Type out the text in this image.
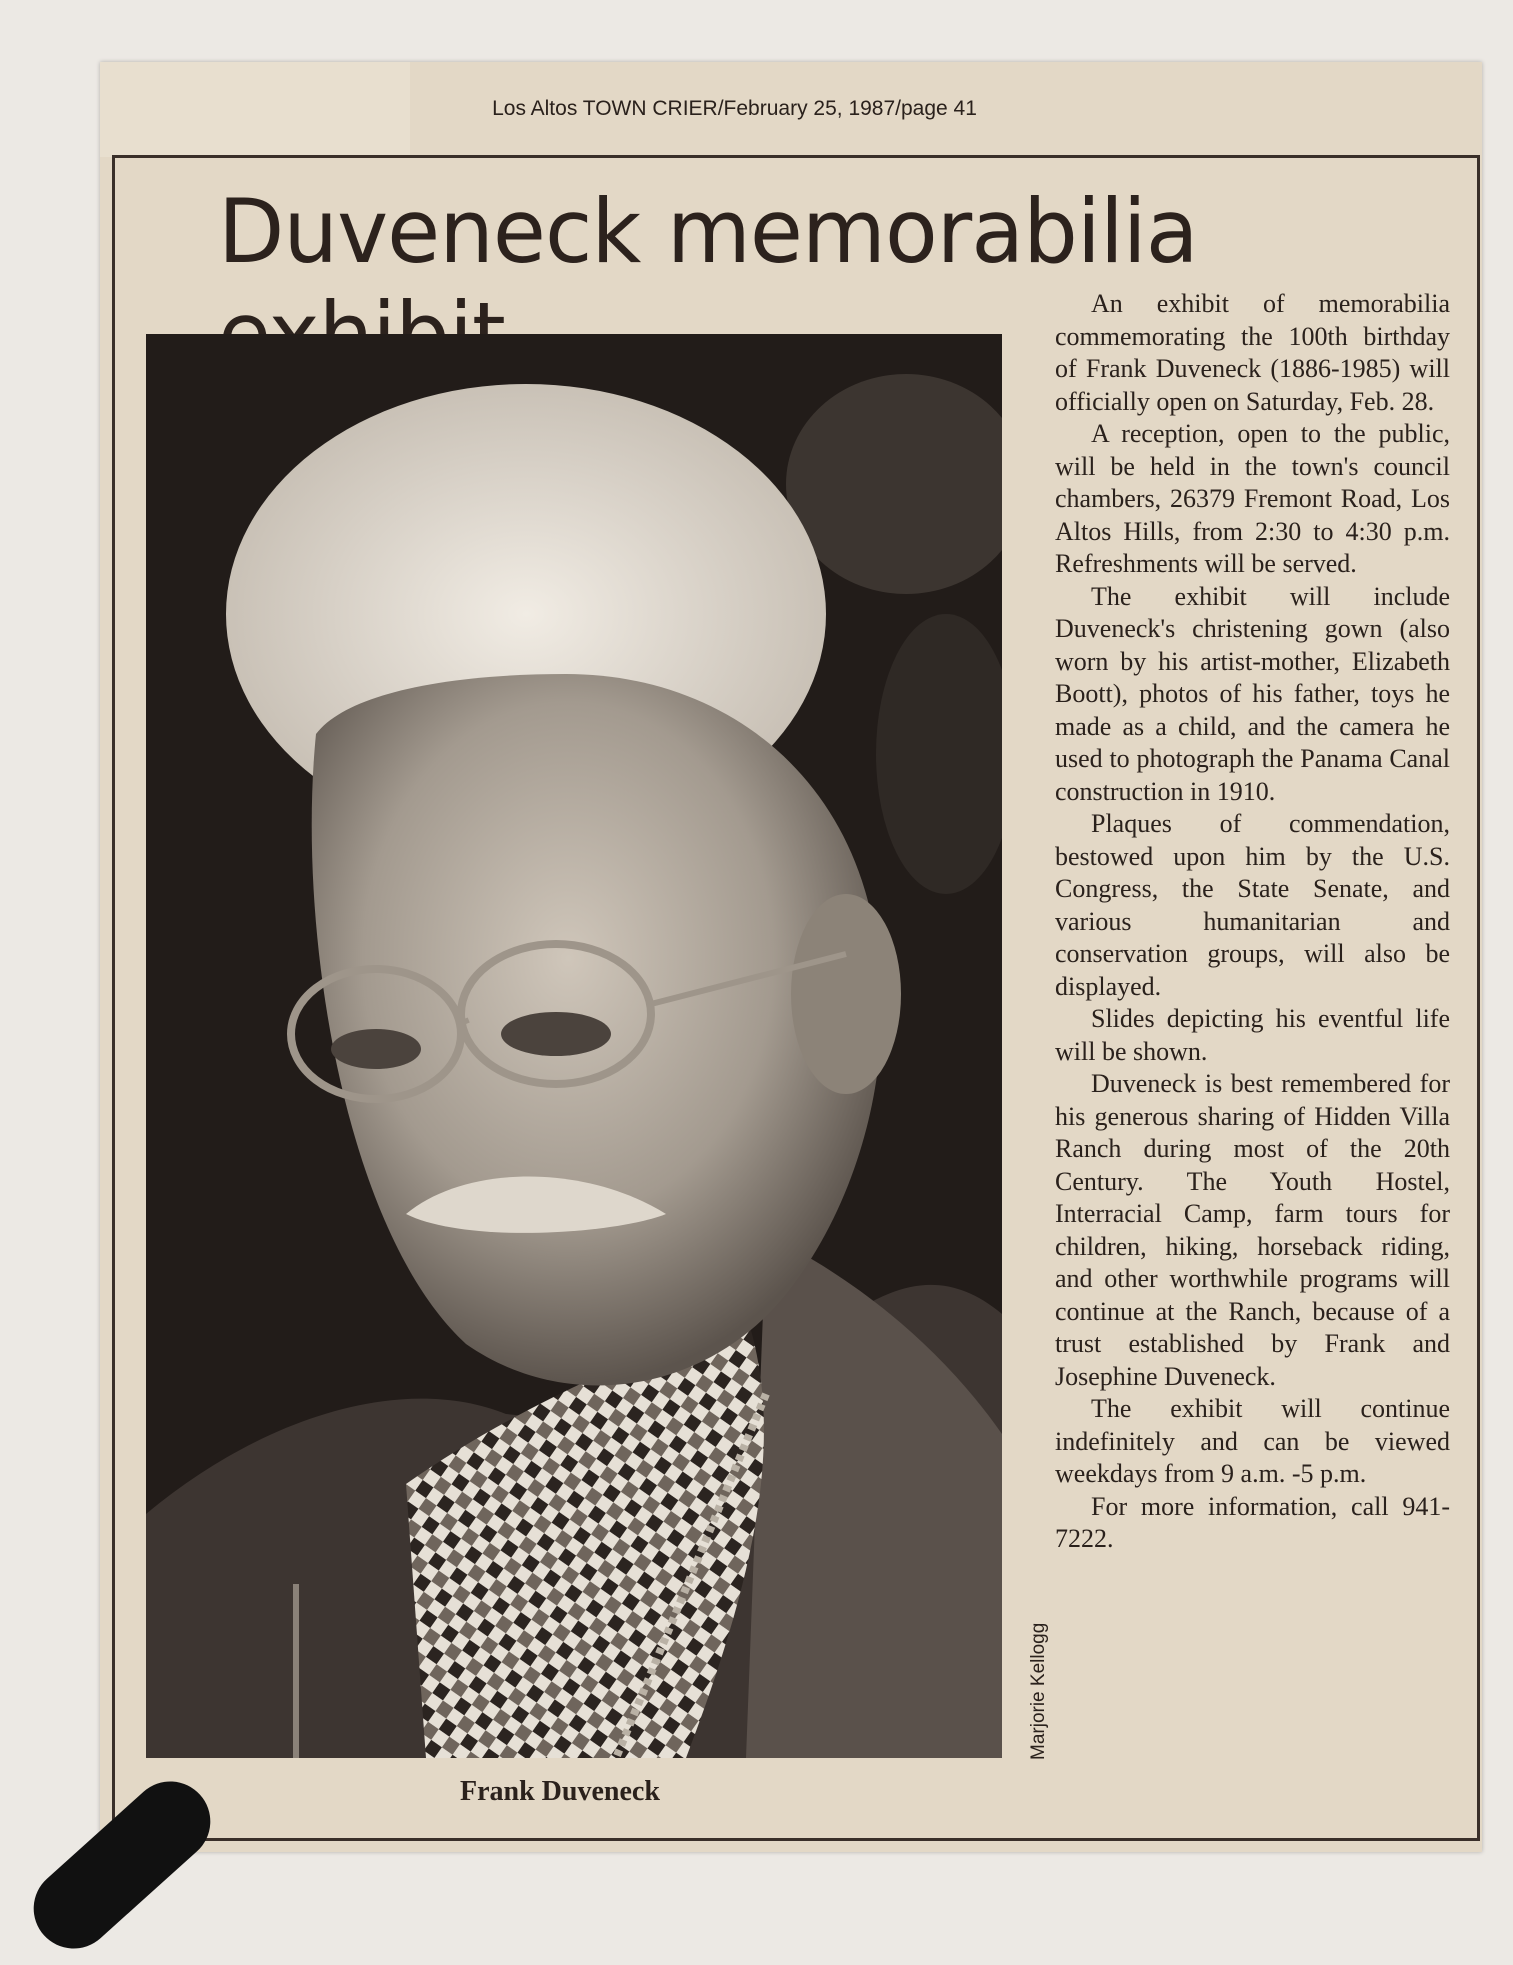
Los Altos TOWN CRIER/February 25, 1987/page 41
Duveneck memorabilia
Marjorie Kellogg
Frank Duveneck

An exhibit of memorabilia commemorating the 100th birthday of Frank Duveneck (1886-1985) will officially open on Saturday, Feb. 28.

A reception, open to the public, will be held in the town's council chambers, 26379 Fremont Road, Los Altos Hills, from 2:30 to 4:30 p.m. Refreshments will be served.

The exhibit will include Duveneck's christening gown (also worn by his artist-mother, Elizabeth Boott), photos of his father, toys he made as a child, and the camera he used to photograph the Panama Canal construction in 1910.

Plaques of commendation, bestowed upon him by the U.S. Congress, the State Senate, and various humanitarian and conservation groups, will also be displayed.

Slides depicting his eventful life will be shown.

Duveneck is best remembered for his generous sharing of Hidden Villa Ranch during most of the 20th Century. The Youth Hostel, Interracial Camp, farm tours for children, hiking, horseback riding, and other worthwhile programs will continue at the Ranch, because of a trust established by Frank and Josephine Duveneck.

The exhibit will continue indefinitely and can be viewed weekdays from 9 a.m. -5 p.m.

For more information, call 941-7222.
